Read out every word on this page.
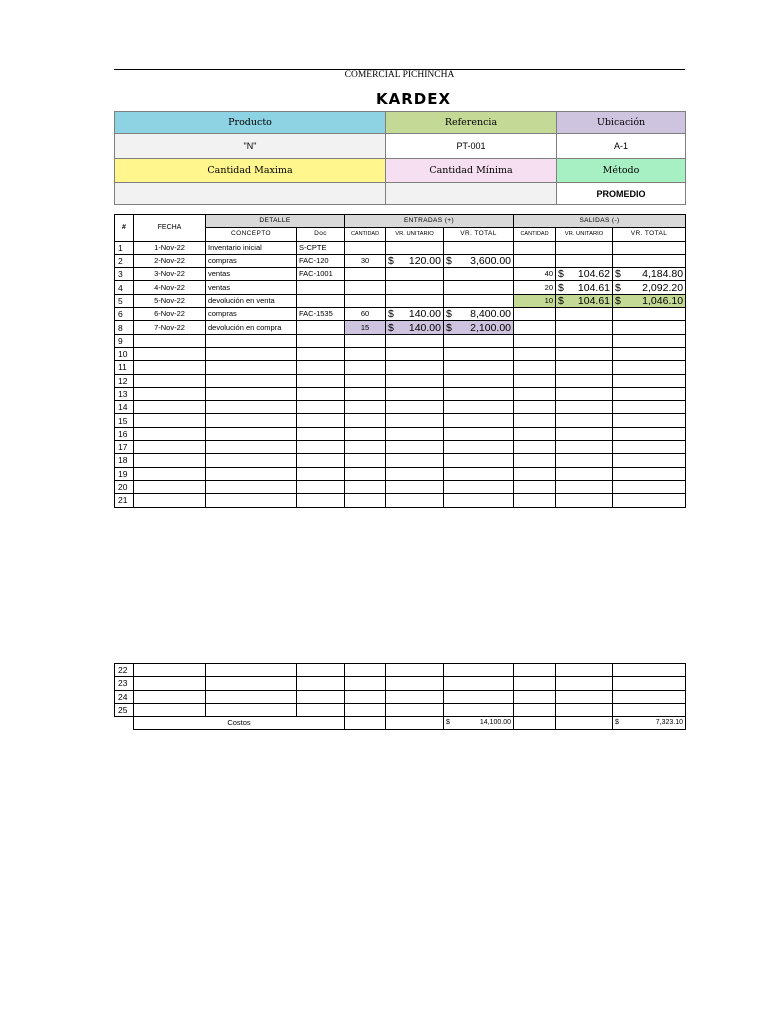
COMERCIAL PICHINCHA
KARDEX
Producto	Referencia	Ubicación
"N"	PT-001	A-1
Cantidad Maxima	Cantidad Mínima	Método
		PROMEDIO
#	FECHA	DETALLE		ENTRADAS (+)			SALIDAS (-)		
		CONCEPTO	Doc	CANTIDAD	VR. UNITARIO	VR. TOTAL	CANTIDAD	VR. UNITARIO	VR. TOTAL
1	1-Nov-22	Inventario inicial	S-CPTE						
2	2-Nov-22	compras	FAC-120	30	$ 120.00	$ 3,600.00			

3	3-Nov-22	ventas	FAC-1001				40	$ 104.62	$ 4,184.80

4	4-Nov-22	ventas					20	$ 104.61	$ 2,092.20

5	5-Nov-22	devolución en venta					10	$ 104.61	$ 1,046.10

6	6-Nov-22	compras	FAC-1535	60	$ 140.00	$ 8,400.00			

8	7-Nov-22	devolución en compra		15	$ 140.00	$ 2,100.00			

9									
10									
11									
12									
13									
14									
15									
16									
17									
18									
19									
20									
21									
22									
23									
24									
25									
	Costos					$ 14,100.00			$ 7,323.10
